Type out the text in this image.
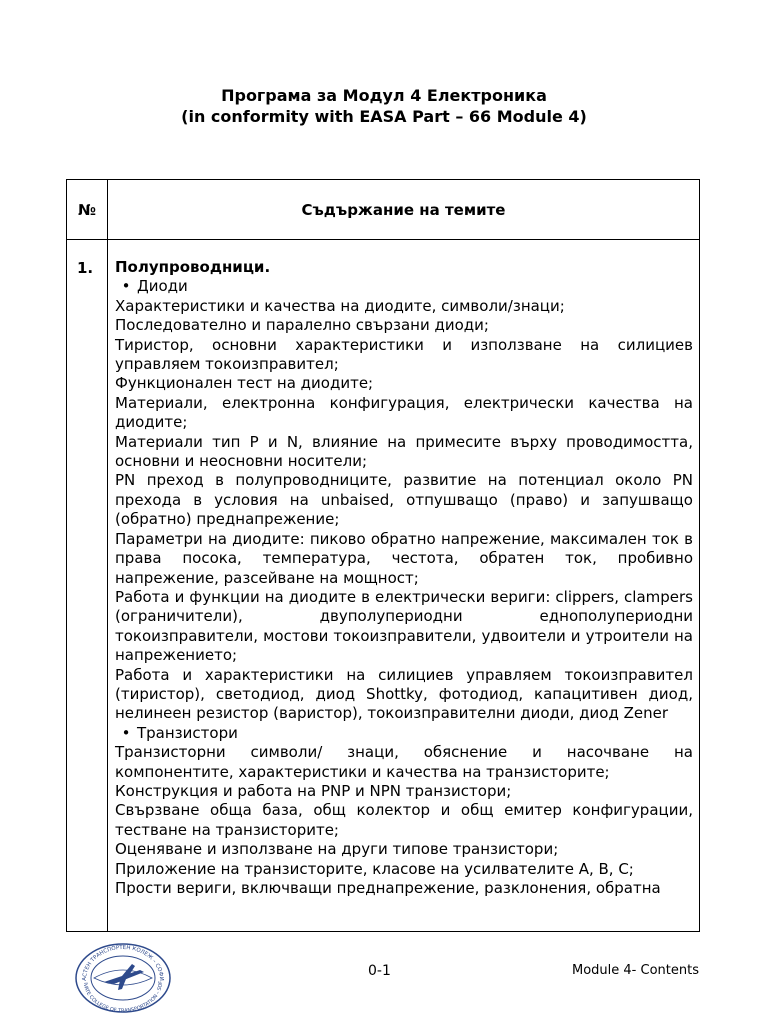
Програма за Модул 4 Електроника
(in conformity with EASA Part – 66 Module 4)
№	Съдържание на темите
1. Полупроводници.

• Диоди

Характеристики и качества на диодите, символи/знаци;

Последователно и паралелно свързани диоди;

Тиристор, основни характеристики и използване на силициев управляем токоизправител;

Функционален тест на диодите;

Материали, електронна конфигурация, електрически качества на диодите;

Материали тип P и N, влияние на примесите върху проводимостта, основни и неосновни носители;

PN преход в полупроводниците, развитие на потенциал около PN прехода в условия на unbaised, отпушващо (право) и запушващо (обратно) преднапрежение;

Параметри на диодите: пиково обратно напрежение, максимален ток в права посока, температура, честота, обратен ток, пробивно напрежение, разсейване на мощност;

Работа и функции на диодите в електрически вериги: clippers, clampers (ограничители), двуполупериодни еднополупериодни токоизправители, мостови токоизправители, удвоители и утроители на напрежението;

Работа и характеристики на силициев управляем токоизправител (тиристор), светодиод, диод Shottky, фотодиод, капацитивен диод, нелинеен резистор (варистор), токоизправителни диоди, диод Zener

• Транзистори

Транзисторни символи/ знаци, обяснение и насочване на компонентите, характеристики и качества на транзисторите;

Конструкция и работа на PNP и NPN транзистори;

Свързване обща база, общ колектор и общ емитер конфигурации, тестване на транзисторите;

Оценяване и използване на други типове транзистори;

Приложение на транзисторите, класове на усилвателите A, B, C;

Прости вериги, включващи преднапрежение, разклонения, обратна

АСТЕН ТРАНСПОРТЕН КОЛЕЖ – СОФИ
IVATE COLLEGE OF TRANSPORTATION – SOF
0-1	Module 4- Contents
